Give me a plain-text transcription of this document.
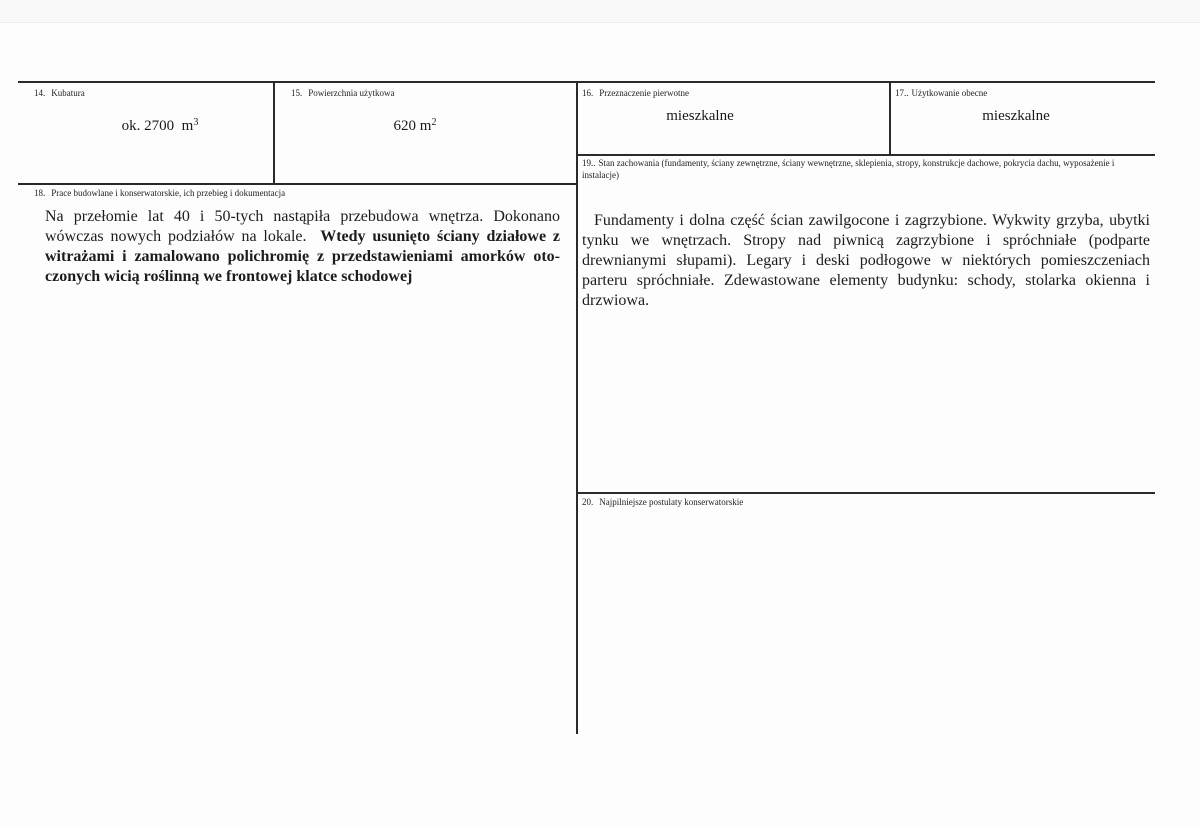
14. Kubatura
ok. 2700 $m^3$
15. Powierzchnia użytkowa
620 $m^2$
16. Przeznaczenie pierwotne
mieszkalne
17.. Użytkowanie obecne
mieszkalne
18. Prace budowlane i konserwatorskie, ich przebieg i dokumentacja
Na przełomie lat 40 i 50-tych nastąpiła przebudowa wnętrza. Dokonano wówczas nowych podziałów na lokale. Wtedy usunięto ściany działowe z witrażami i zamalowano polichromię z przedstawieniami amorków oto-czonych wicią roślinną we frontowej klatce schodowej
19.. Stan zachowania (fundamenty, ściany zewnętrzne, ściany wewnętrzne, sklepienia, stropy, konstrukcje dachowe, pokrycia dachu, wyposażenie i instalacje)
Fundamenty i dolna część ścian zawilgocone i zagrzybione. Wykwity grzyba, ubytki tynku we wnętrzach. Stropy nad piwnicą zagrzybione i spróchniałe (podparte drewnianymi słupami). Legary i deski podłogowe w niektórych pomieszczeniach parteru spróchniałe. Zdewastowane elementy budynku: schody, stolarka okienna i drzwiowa.
20. Najpilniejsze postulaty konserwatorskie
